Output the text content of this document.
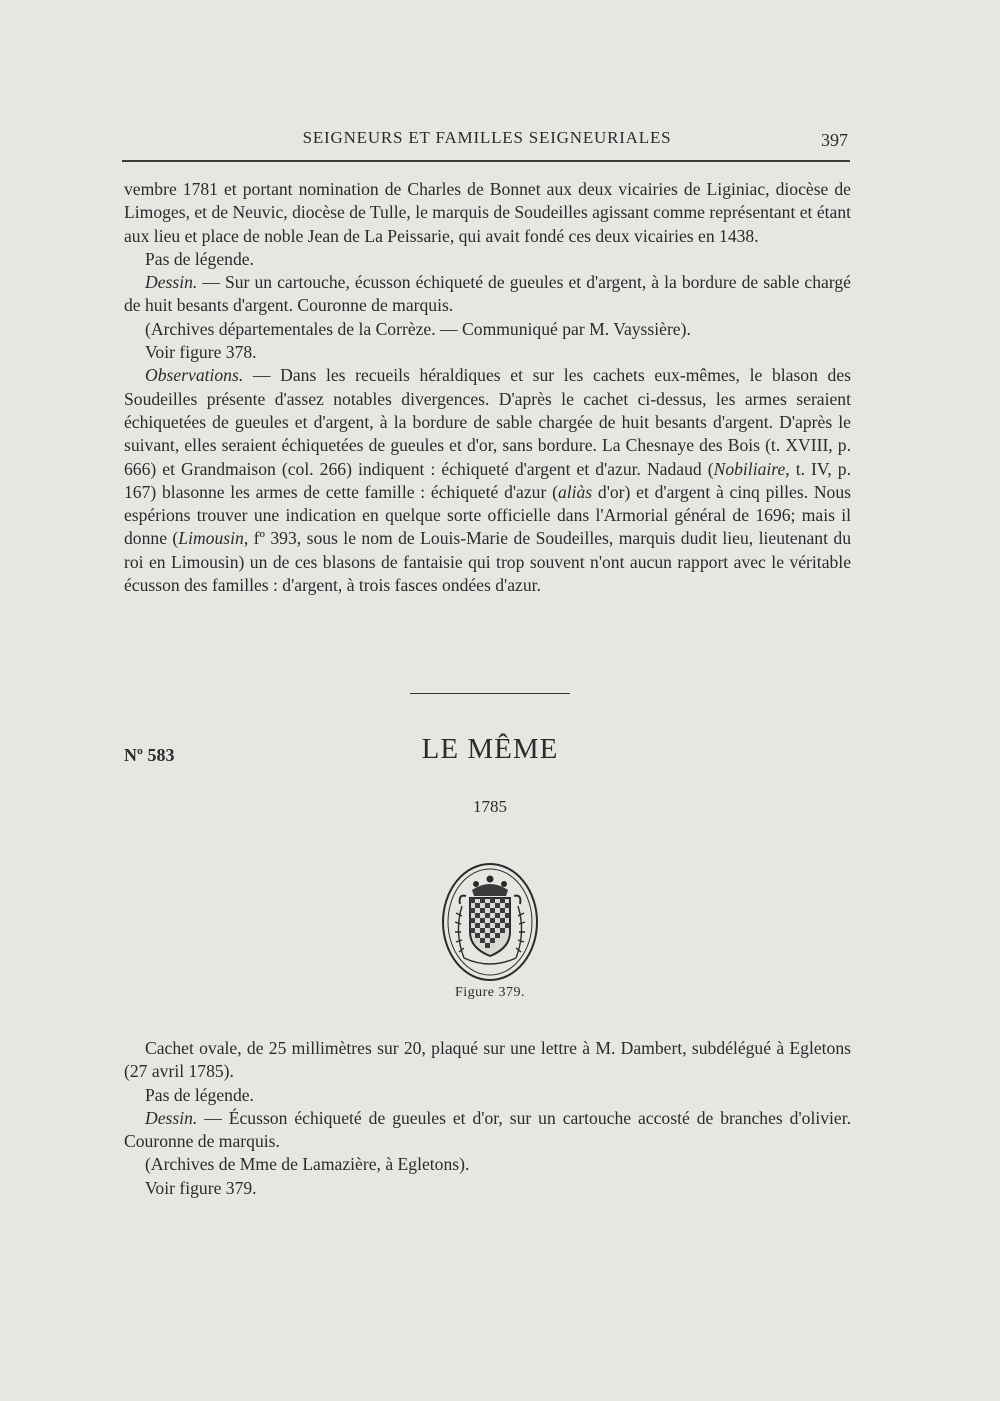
SEIGNEURS ET FAMILLES SEIGNEURIALES	397

vembre 1781 et portant nomination de Charles de Bonnet aux deux vicairies de Liginiac, diocèse de Limoges, et de Neuvic, diocèse de Tulle, le marquis de Soudeilles agissant comme représentant et étant aux lieu et place de noble Jean de La Peissarie, qui avait fondé ces deux vicairies en 1438.

Pas de légende.

Dessin. — Sur un cartouche, écusson échiqueté de gueules et d'argent, à la bordure de sable chargé de huit besants d'argent. Couronne de marquis.

(Archives départementales de la Corrèze. — Communiqué par M. Vayssière).

Voir figure 378.

Observations. — Dans les recueils héraldiques et sur les cachets eux-mêmes, le blason des Soudeilles présente d'assez notables divergences. D'après le cachet ci-dessus, les armes seraient échiquetées de gueules et d'argent, à la bordure de sable chargée de huit besants d'argent. D'après le suivant, elles seraient échiquetées de gueules et d'or, sans bordure. La Chesnaye des Bois (t. XVIII, p. 666) et Grandmaison (col. 266) indiquent : échiqueté d'argent et d'azur. Nadaud (Nobiliaire, t. IV, p. 167) blasonne les armes de cette famille : échiqueté d'azur (aliàs d'or) et d'argent à cinq pilles. Nous espérions trouver une indication en quelque sorte officielle dans l'Armorial général de 1696; mais il donne (Limousin, fº 393, sous le nom de Louis-Marie de Soudeilles, marquis dudit lieu, lieutenant du roi en Limousin) un de ces blasons de fantaisie qui trop souvent n'ont aucun rapport avec le véritable écusson des familles : d'argent, à trois fasces ondées d'azur.

Nº 583	LE MÊME
1785
Figure 379.

Cachet ovale, de 25 millimètres sur 20, plaqué sur une lettre à M. Dambert, subdélégué à Egletons (27 avril 1785).

Pas de légende.

Dessin. — Écusson échiqueté de gueules et d'or, sur un cartouche accosté de branches d'olivier. Couronne de marquis.

(Archives de Mme de Lamazière, à Egletons).

Voir figure 379.
